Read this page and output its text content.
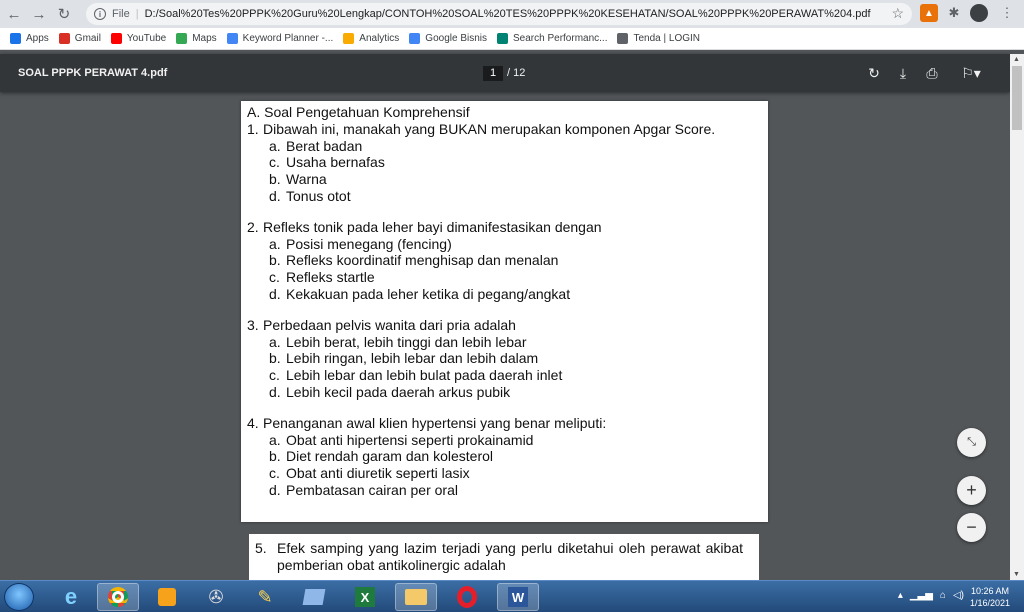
← → ↻	i File | D:/Soal%20Tes%20PPPK%20Guru%20Lengkap/CONTOH%20SOAL%20TES%20PPPK%20KESEHATAN/SOAL%20PPPK%20PERAWAT%204.pdf ☆	▲	✱	⋮
Apps	Gmail	YouTube	Maps	Keyword Planner -...	Analytics	Google Bisnis	Search Performanc...	Tenda | LOGIN
SOAL PPPK PERAWAT 4.pdf	1 / 12	↻	⤓	⎙	⚐▾
▲
▼
A. Soal Pengetahuan Komprehensif
1. Dibawah ini, manakah yang BUKAN merupakan komponen Apgar Score.
a. Berat badan
c. Usaha bernafas
b. Warna
d. Tonus otot
2. Refleks tonik pada leher bayi dimanifestasikan dengan
a. Posisi menegang (fencing)
b. Refleks koordinatif menghisap dan menalan
c. Refleks startle
d. Kekakuan pada leher ketika di pegang/angkat
3. Perbedaan pelvis wanita dari pria adalah
a. Lebih berat, lebih tinggi dan lebih lebar
b. Lebih ringan, lebih lebar dan lebih dalam
c. Lebih lebar dan lebih bulat pada daerah inlet
d. Lebih kecil pada daerah arkus pubik
4. Penanganan awal klien hypertensi yang benar meliputi:
a. Obat anti hipertensi seperti prokainamid
b. Diet rendah garam dan kolesterol
c. Obat anti diuretik seperti lasix
d. Pembatasan cairan per oral
5. Efek samping yang lazim terjadi yang perlu diketahui oleh perawat akibat pemberian obat antikolinergic adalah
⤡
+
−
e	✇ ✎	X	W	▴ ▁▃▅ ⌂ ◁) 10:26 AM
1/16/2021
